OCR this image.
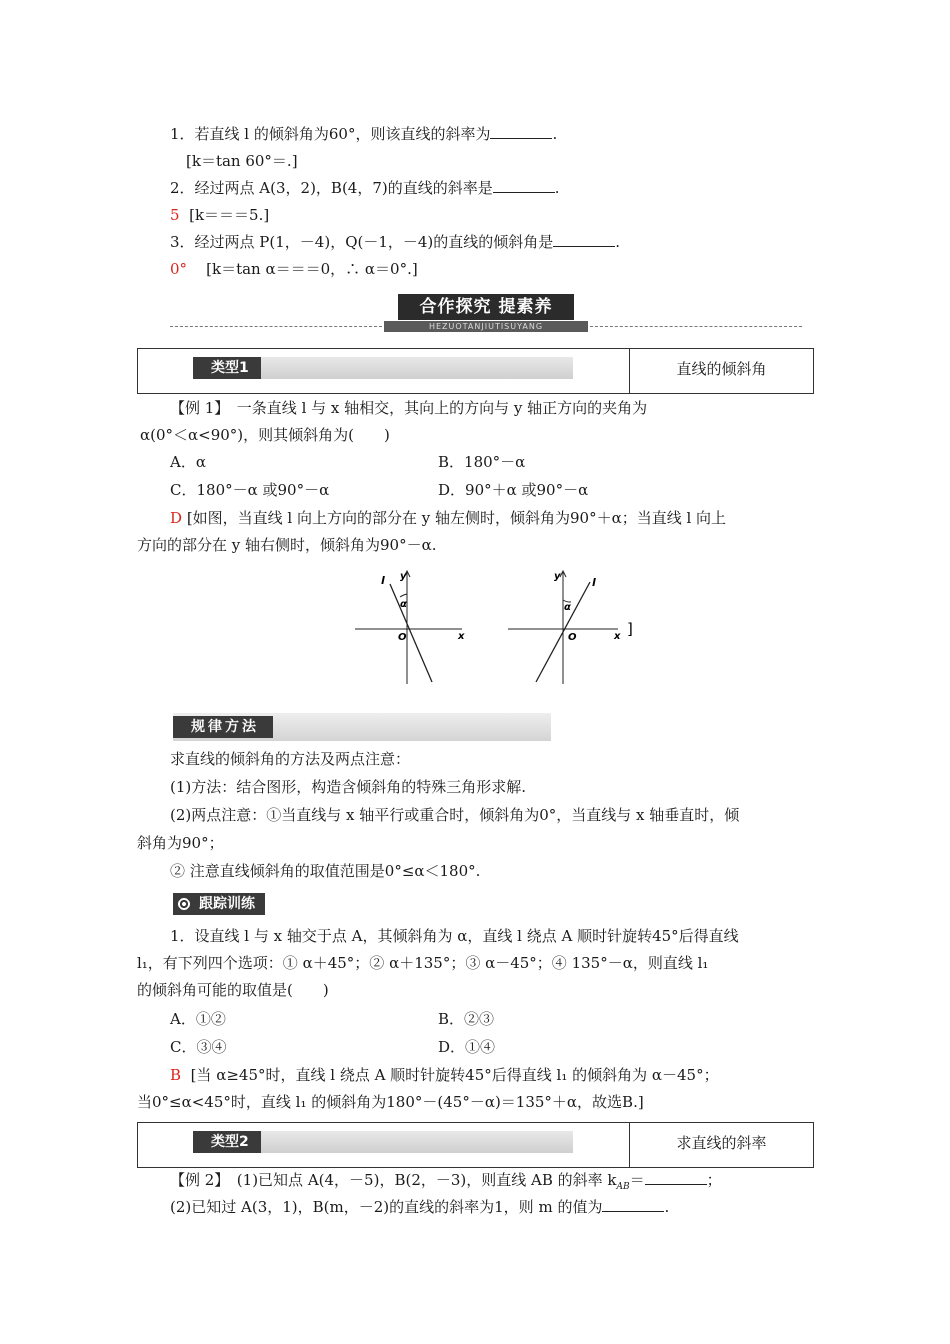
1．若直线 l 的倾斜角为60°，则该直线的斜率为	.
[k＝tan 60°＝.]
2．经过两点 A(3，2)，B(4，7)的直线的斜率是	.
5 [k＝＝＝5.]
3．经过两点 P(1，－4)，Q(－1，－4)的直线的倾斜角是	.
0° [k＝tan α＝＝＝0，∴ α＝0°.]
合作探究 提素养
HEZUOTANJIUTISUYANG
类型1	直线的倾斜角
【例 1】　一条直线 l 与 x 轴相交，其向上的方向与 y 轴正方向的夹角为
α(0°＜α<90°)，则其倾斜角为(　　)
A．α	B．180°－α
C．180°－α 或90°－α	D．90°＋α 或90°－α
D [如图，当直线 l 向上方向的部分在 y 轴左侧时，倾斜角为90°＋α；当直线 l 向上
方向的部分在 y 轴右侧时，倾斜角为90°－α.
l y
x
O
α
l
y
x
O
α
]
规律方法
求直线的倾斜角的方法及两点注意：
(1)方法：结合图形，构造含倾斜角的特殊三角形求解.
(2)两点注意：①当直线与 x 轴平行或重合时，倾斜角为0°，当直线与 x 轴垂直时，倾
斜角为90°；
② 注意直线倾斜角的取值范围是0°≤α＜180°.
跟踪训练
1．设直线 l 与 x 轴交于点 A，其倾斜角为 α，直线 l 绕点 A 顺时针旋转45°后得直线
l₁，有下列四个选项：① α＋45°；② α＋135°；③ α－45°；④ 135°－α，则直线 l₁
的倾斜角可能的取值是(　　)
A．①②	B．②③
C．③④	D．①④
B [当 α≥45°时，直线 l 绕点 A 顺时针旋转45°后得直线 l₁ 的倾斜角为 α－45°；
当0°≤α<45°时，直线 l₁ 的倾斜角为180°－(45°－α)＝135°＋α，故选B.]
类型2	求直线的斜率
【例 2】　(1)已知点 A(4，－5)，B(2，－3)，则直线 AB 的斜率 $k_{AB}=$	；
(2)已知过 A(3，1)，B(m，－2)的直线的斜率为1，则 m 的值为	.
